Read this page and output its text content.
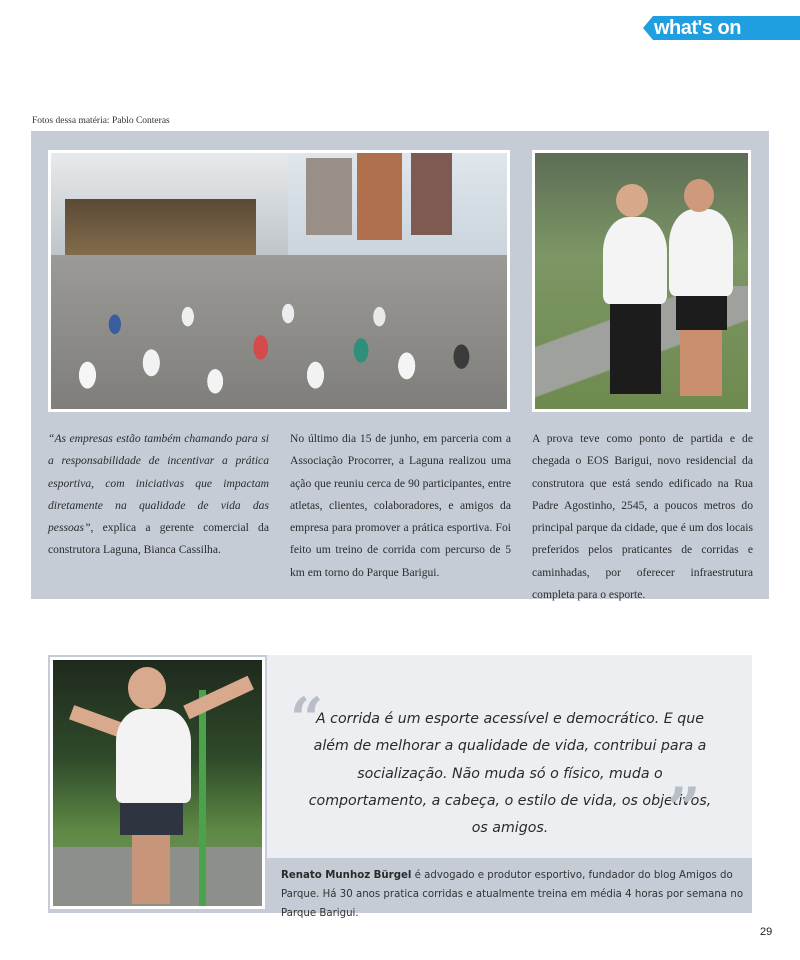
what's on
Fotos dessa matéria: Pablo Conteras
“As empresas estão também chamando para si a responsabilidade de incentivar a prática esportiva, com iniciativas que impactam diretamente na qualidade de vida das pessoas”, explica a gerente comercial da construtora Laguna, Bianca Cassilha.
No último dia 15 de junho, em parceria com a Associação Procorrer, a Laguna realizou uma ação que reuniu cerca de 90 participantes, entre atletas, clientes, colaboradores, e amigos da empresa para promover a prática esportiva. Foi feito um treino de corrida com percurso de 5 km em torno do Parque Barigui.
A prova teve como ponto de partida e de chegada o EOS Barigui, novo residencial da construtora que está sendo edificado na Rua Padre Agostinho, 2545, a poucos metros do principal parque da cidade, que é um dos locais preferidos pelos praticantes de corridas e caminhadas, por oferecer infraestrutura completa para o esporte.
“
A corrida é um esporte acessível e democrático. E que além de melhorar a qualidade de vida, contribui para a socialização. Não muda só o físico, muda o comportamento, a cabeça, o estilo de vida, os objetivos, os amigos.	”
Renato Munhoz Bürgel é advogado e produtor esportivo, fundador do blog Amigos do Parque. Há 30 anos pratica corridas e atualmente treina em média 4 horas por semana no Parque Barigui.
29
